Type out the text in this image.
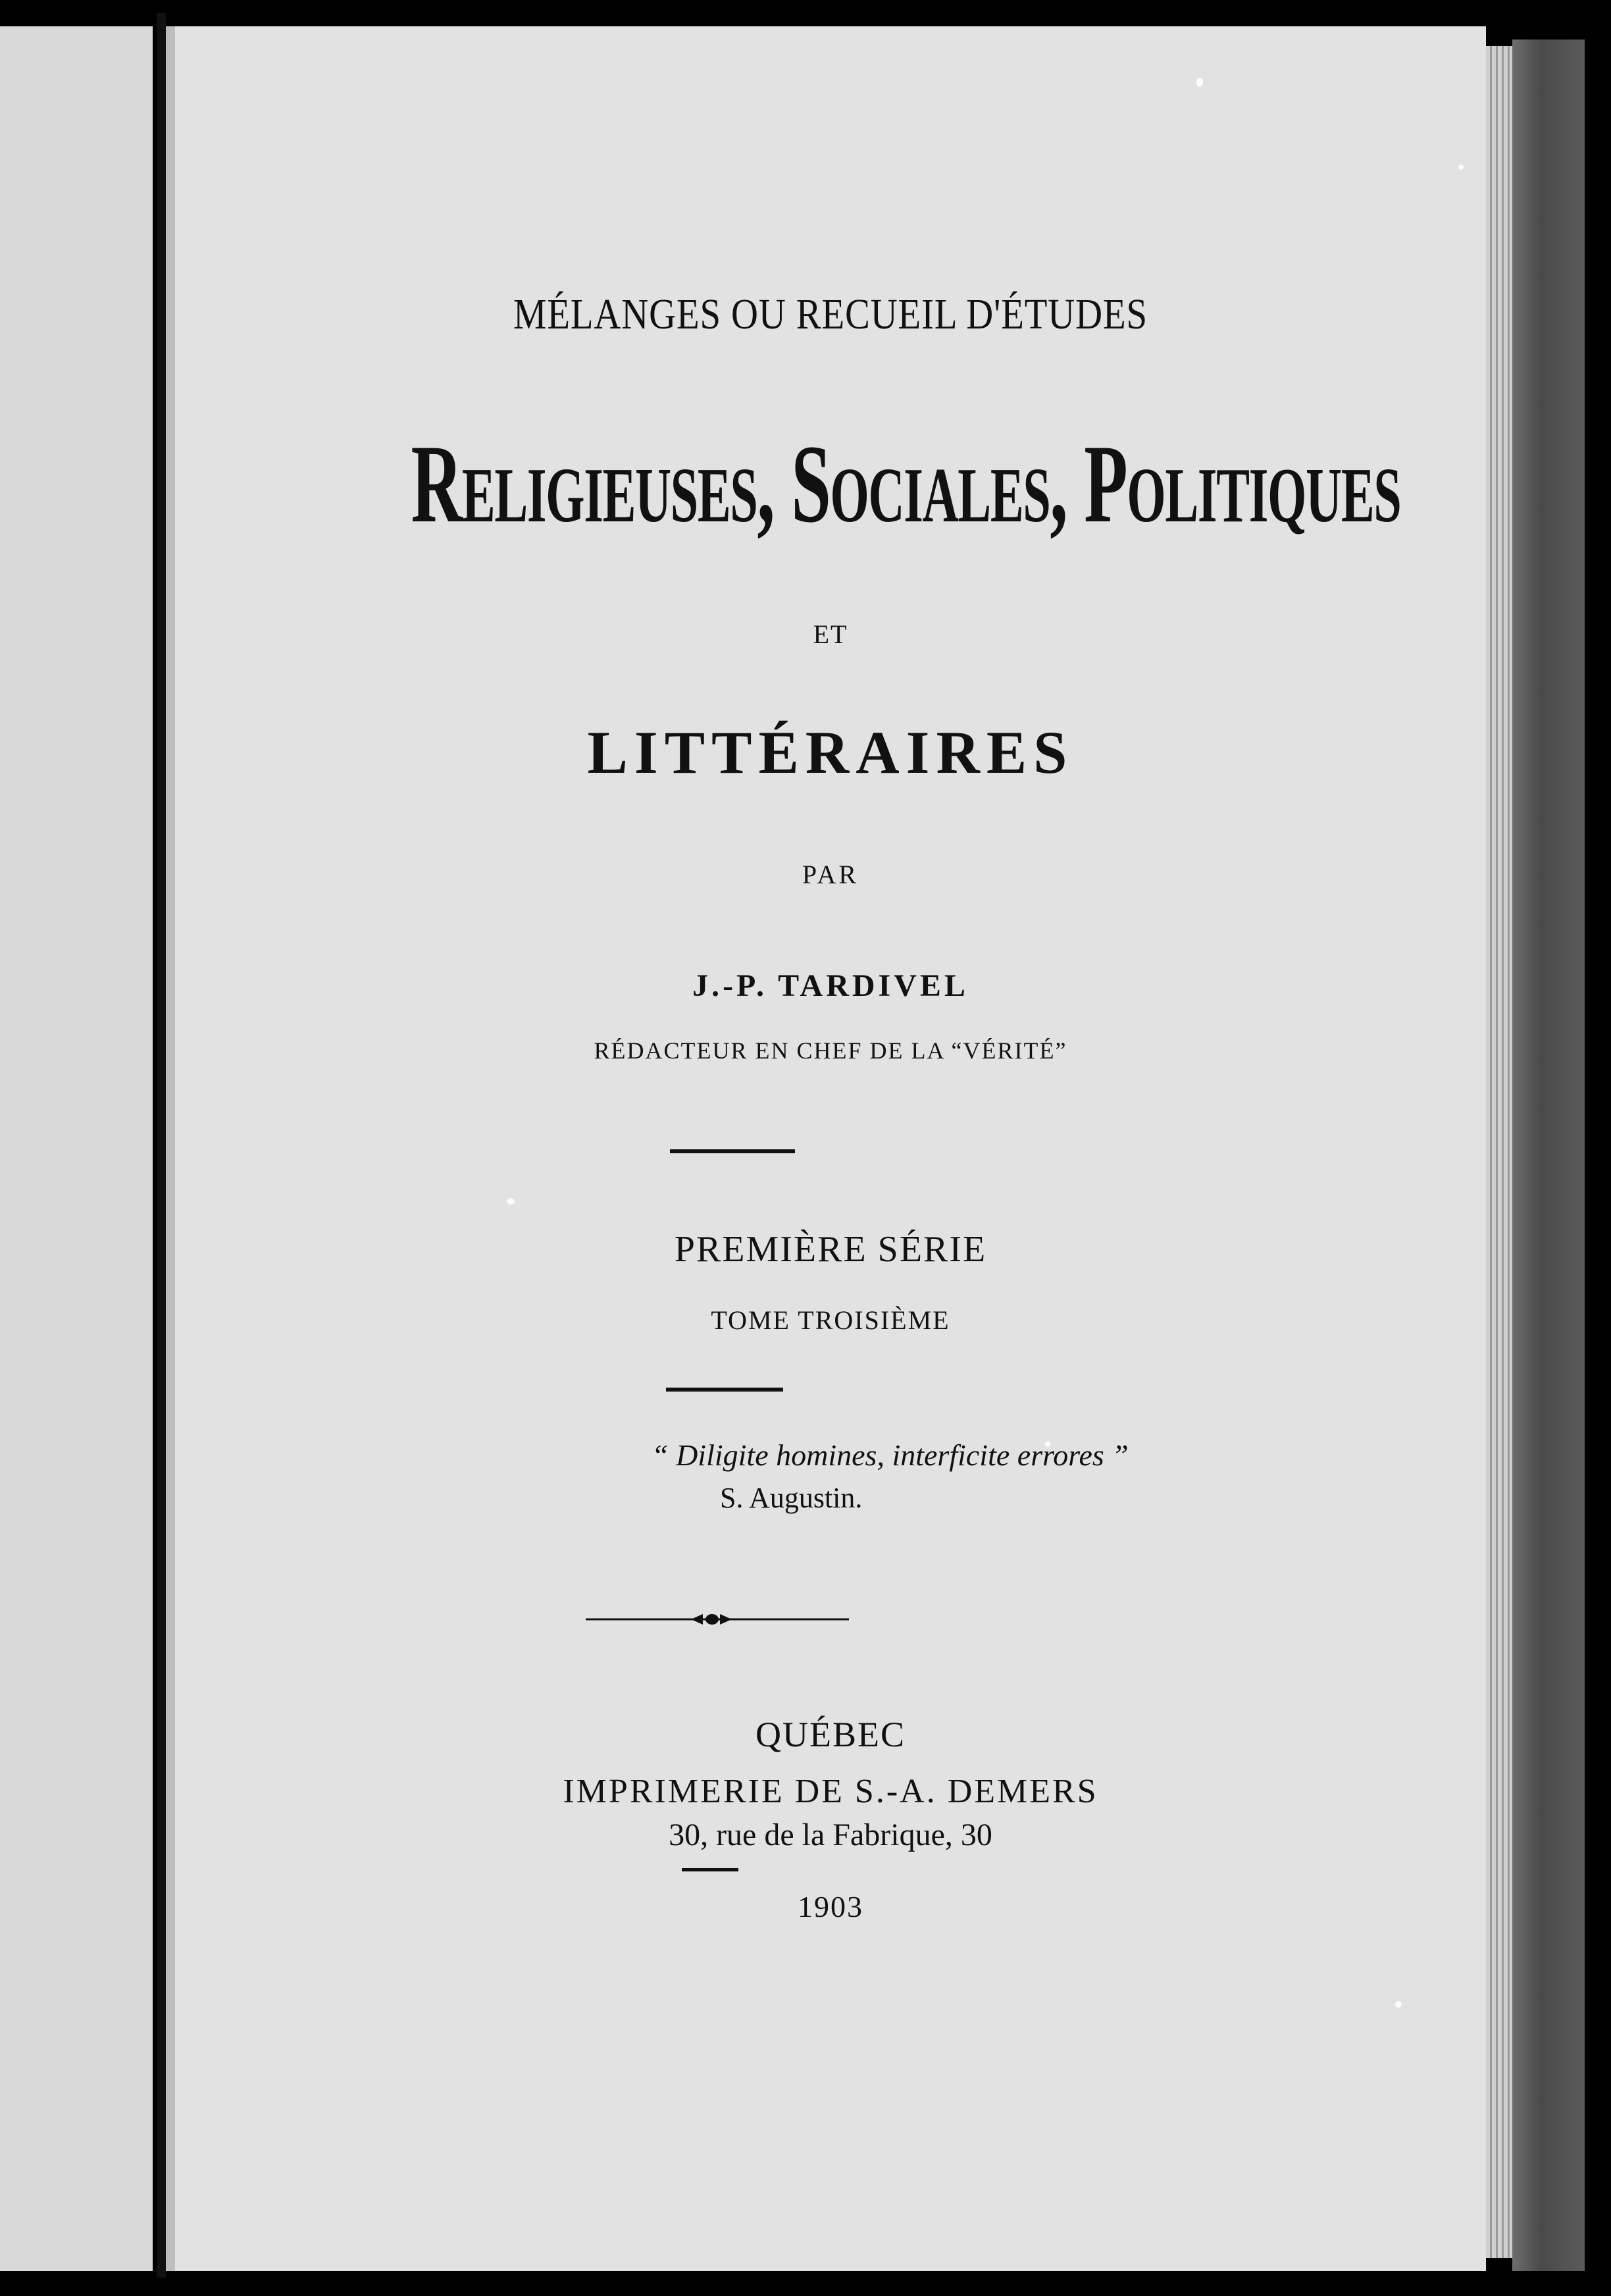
MÉLANGES OU RECUEIL D'ÉTUDES
Religieuses, Sociales, Politiques
ET
LITTÉRAIRES
PAR
J.-P. TARDIVEL
RÉDACTEUR EN CHEF DE LA “VÉRITÉ”
PREMIÈRE SÉRIE
TOME TROISIÈME
“ Diligite homines, interficite errores ”
S. Augustin.
QUÉBEC
IMPRIMERIE DE S.-A. DEMERS
30, rue de la Fabrique, 30
1903
